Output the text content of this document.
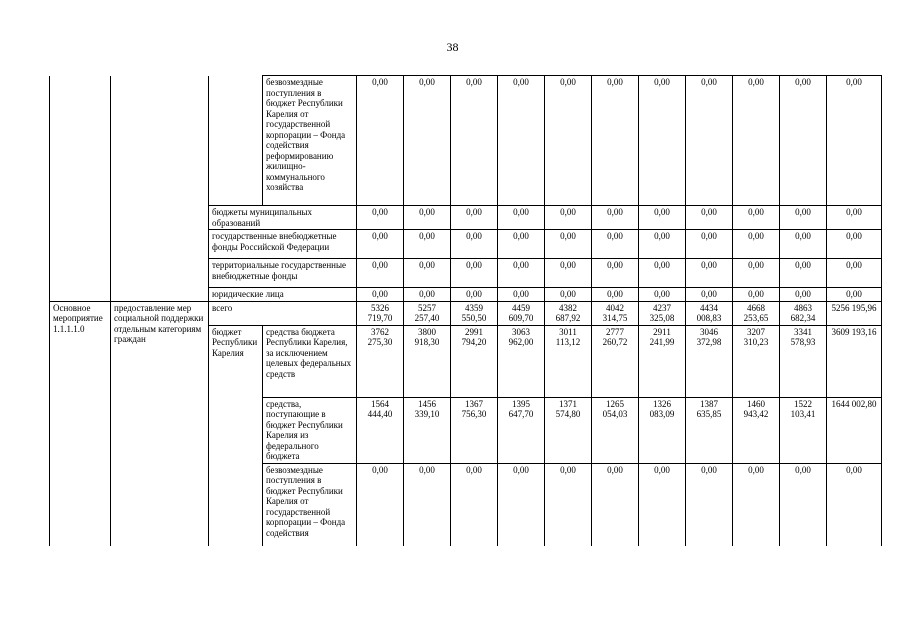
38
			безвозмездные поступления в бюджет Республики Карелия от государственной корпорации – Фонда содействия реформированию жилищно-коммунального хозяйства	0,00	0,00	0,00	0,00	0,00	0,00	0,00	0,00	0,00	0,00	0,00
		бюджеты муниципальных образований		0,00	0,00	0,00	0,00	0,00	0,00	0,00	0,00	0,00	0,00	0,00
		государственные внебюджетные фонды Российской Федерации		0,00	0,00	0,00	0,00	0,00	0,00	0,00	0,00	0,00	0,00	0,00
		территориальные государственные внебюджетные фонды		0,00	0,00	0,00	0,00	0,00	0,00	0,00	0,00	0,00	0,00	0,00
		юридические лица		0,00	0,00	0,00	0,00	0,00	0,00	0,00	0,00	0,00	0,00	0,00
Основное мероприятие 1.1.1.1.0	предоставление мер социальной поддержки отдельным категориям граждан	всего		5326 719,70	5257 257,40	4359 550,50	4459 609,70	4382 687,92	4042 314,75	4237 325,08	4434 008,83	4668 253,65	4863 682,34	5256 195,96
		бюджет Республики Карелия	средства бюджета Республики Карелия, за исключением целевых федеральных средств	3762 275,30	3800 918,30	2991 794,20	3063 962,00	3011 113,12	2777 260,72	2911 241,99	3046 372,98	3207 310,23	3341 578,93	3609 193,16
			средства, поступающие в бюджет Республики Карелия из федерального бюджета	1564 444,40	1456 339,10	1367 756,30	1395 647,70	1371 574,80	1265 054,03	1326 083,09	1387 635,85	1460 943,42	1522 103,41	1644 002,80
			безвозмездные поступления в бюджет Республики Карелия от государственной корпорации – Фонда содействия	0,00	0,00	0,00	0,00	0,00	0,00	0,00	0,00	0,00	0,00	0,00
